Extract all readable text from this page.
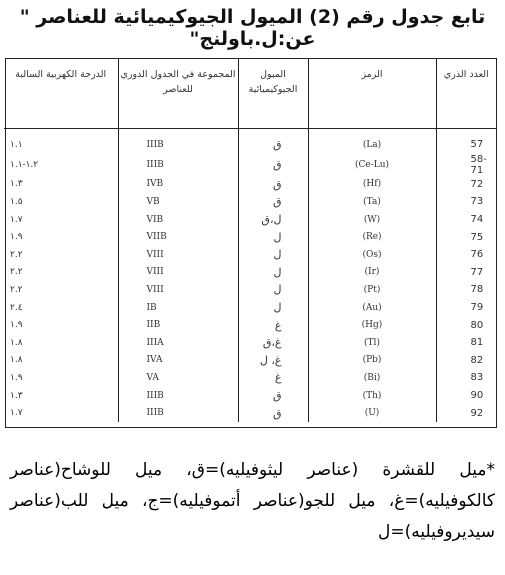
تابع جدول رقم (2) الميول الجيوكيميائية للعناصر " عن:ل.باولنج"
العدد الذري	الرمز	الميول الجيوكيميائية	المجموعة في الجدول الدوري للعناصر	الدرجة الكهربية السالبة

57	(La)	ق	IIIB	١.١
58-71	(Ce-Lu)	ق	IIIB	١.٢-١.١
72	(Hf)	ق	IVB	١.٣
73	(Ta)	ق	VB	١.٥
74	(W)	ل،ق	VIB	١.٧
75	(Re)	ل	VIIB	١.٩
76	(Os)	ل	VIII	٢.٢
77	(Ir)	ل	VIII	٢.٢
78	(Pt)	ل	VIII	٢.٢
79	(Au)	ل	IB	٢.٤
80	(Hg)	غ	IIB	١.٩
81	(Tl)	غ،ق	IIIA	١.٨
82	(Pb)	غ، ل	IVA	١.٨
83	(Bi)	غ	VA	١.٩
90	(Th)	ق	IIIB	١.٣
92	(U)	ق	IIIB	١.٧
*ميل للقشرة (عناصر ليثوفيليه)=ق، ميل للوشاح(عناصر كالكوفيليه)=غ، ميل للجو(عناصر أتموفيليه)=ج، ميل للب(عناصر سيديروفيليه)=ل
